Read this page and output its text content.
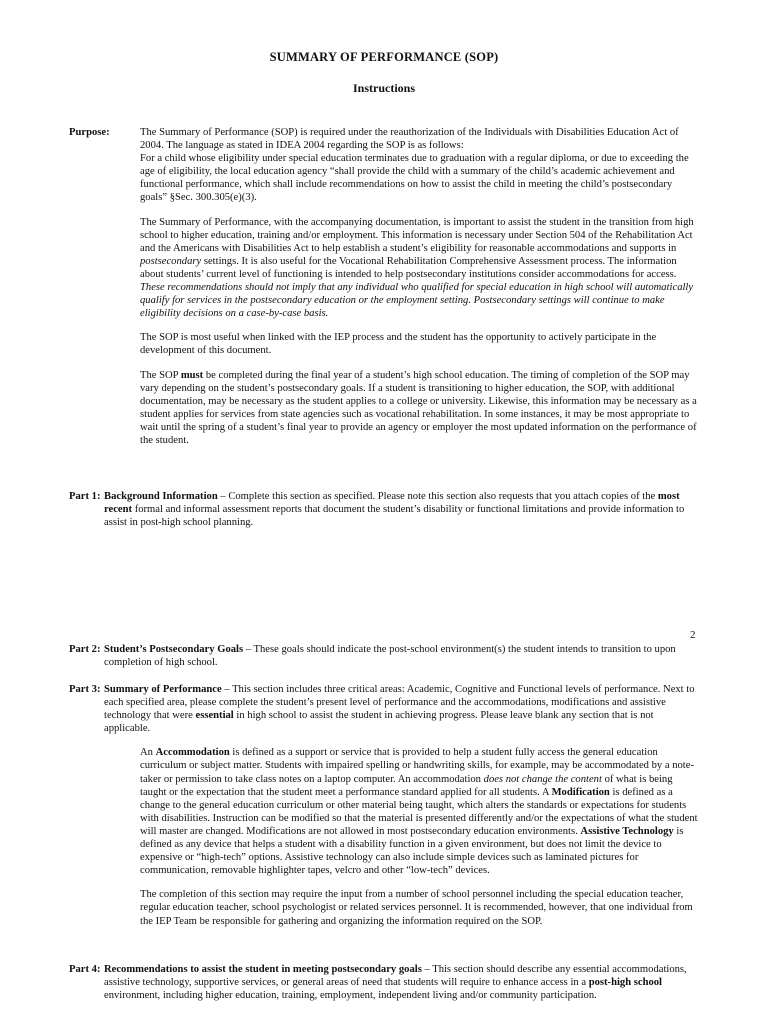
SUMMARY OF PERFORMANCE (SOP)
Instructions
Purpose:	The Summary of Performance (SOP) is required under the reauthorization of the Individuals with Disabilities Education Act of 2004. The language as stated in IDEA 2004 regarding the SOP is as follows:
For a child whose eligibility under special education terminates due to graduation with a regular diploma, or due to exceeding the age of eligibility, the local education agency “shall provide the child with a summary of the child’s academic achievement and functional performance, which shall include recommendations on how to assist the child in meeting the child’s postsecondary goals” §Sec. 300.305(e)(3).

The Summary of Performance, with the accompanying documentation, is important to assist the student in the transition from high school to higher education, training and/or employment. This information is necessary under Section 504 of the Rehabilitation Act and the Americans with Disabilities Act to help establish a student’s eligibility for reasonable accommodations and supports in postsecondary settings. It is also useful for the Vocational Rehabilitation Comprehensive Assessment process. The information about students’ current level of functioning is intended to help postsecondary institutions consider accommodations for access. These recommendations should not imply that any individual who qualified for special education in high school will automatically qualify for services in the postsecondary education or the employment setting. Postsecondary settings will continue to make eligibility decisions on a case-by-case basis.

The SOP is most useful when linked with the IEP process and the student has the opportunity to actively participate in the development of this document.

The SOP must be completed during the final year of a student’s high school education. The timing of completion of the SOP may vary depending on the student’s postsecondary goals. If a student is transitioning to higher education, the SOP, with additional documentation, may be necessary as the student applies to a college or university. Likewise, this information may be necessary as a student applies for services from state agencies such as vocational rehabilitation. In some instances, it may be most appropriate to wait until the spring of a student’s final year to provide an agency or employer the most updated information on the performance of the student.

Part 1: Background Information – Complete this section as specified. Please note this section also requests that you attach copies of the most recent formal and informal assessment reports that document the student’s disability or functional limitations and provide information to assist in post-high school planning.
2
Part 2: Student’s Postsecondary Goals – These goals should indicate the post-school environment(s) the student intends to transition to upon completion of high school.
Part 3: Summary of Performance – This section includes three critical areas: Academic, Cognitive and Functional levels of performance. Next to each specified area, please complete the student’s present level of performance and the accommodations, modifications and assistive technology that were essential in high school to assist the student in achieving progress. Please leave blank any section that is not applicable.

An Accommodation is defined as a support or service that is provided to help a student fully access the general education curriculum or subject matter. Students with impaired spelling or handwriting skills, for example, may be accommodated by a note-taker or permission to take class notes on a laptop computer. An accommodation does not change the content of what is being taught or the expectation that the student meet a performance standard applied for all students. A Modification is defined as a change to the general education curriculum or other material being taught, which alters the standards or expectations for students with disabilities. Instruction can be modified so that the material is presented differently and/or the expectations of what the student will master are changed. Modifications are not allowed in most postsecondary education environments. Assistive Technology is defined as any device that helps a student with a disability function in a given environment, but does not limit the device to expensive or “high-tech” options. Assistive technology can also include simple devices such as laminated pictures for communication, removable highlighter tapes, velcro and other “low-tech” devices.

The completion of this section may require the input from a number of school personnel including the special education teacher, regular education teacher, school psychologist or related services personnel. It is recommended, however, that one individual from the IEP Team be responsible for gathering and organizing the information required on the SOP.

Part 4: Recommendations to assist the student in meeting postsecondary goals – This section should describe any essential accommodations, assistive technology, supportive services, or general areas of need that students will require to enhance access in a post-high school environment, including higher education, training, employment, independent living and/or community participation.
